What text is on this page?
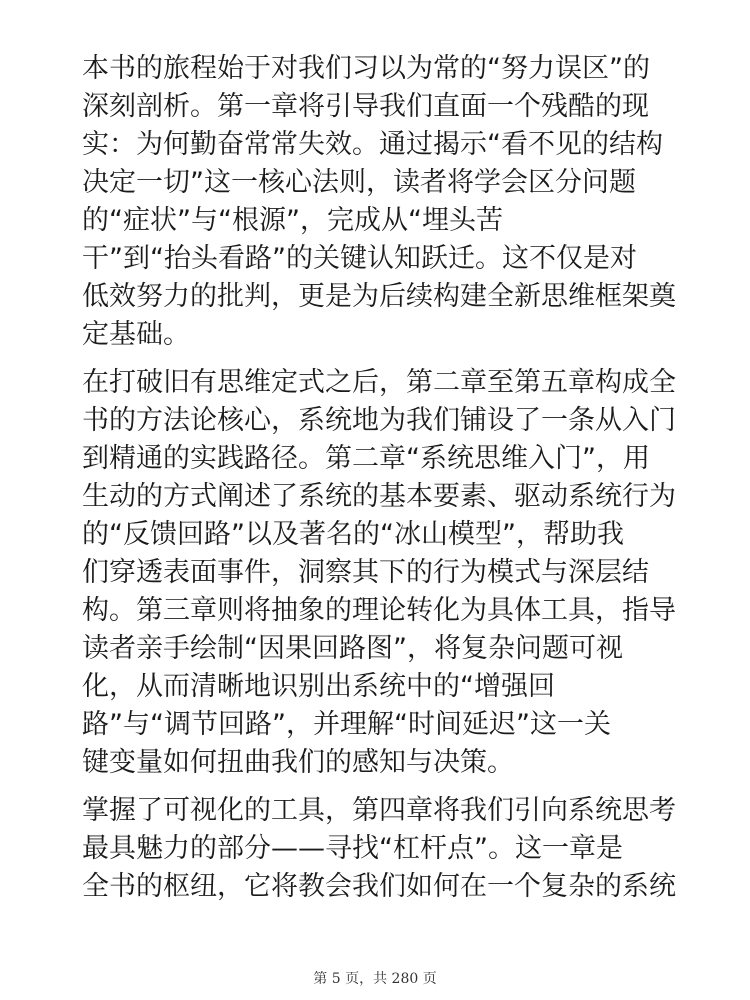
本书的旅程始于对我们习以为常的“努力误区”的
深刻剖析。第一章将引导我们直面一个残酷的现
实：为何勤奋常常失效。通过揭示“看不见的结构
决定一切”这一核心法则，读者将学会区分问题
的“症状”与“根源”，完成从“埋头苦
干”到“抬头看路”的关键认知跃迁。这不仅是对
低效努力的批判，更是为后续构建全新思维框架奠
定基础。
在打破旧有思维定式之后，第二章至第五章构成全
书的方法论核心，系统地为我们铺设了一条从入门
到精通的实践路径。第二章“系统思维入门”，用
生动的方式阐述了系统的基本要素、驱动系统行为
的“反馈回路”以及著名的“冰山模型”，帮助我
们穿透表面事件，洞察其下的行为模式与深层结
构。第三章则将抽象的理论转化为具体工具，指导
读者亲手绘制“因果回路图”，将复杂问题可视
化，从而清晰地识别出系统中的“增强回
路”与“调节回路”，并理解“时间延迟”这一关
键变量如何扭曲我们的感知与决策。
掌握了可视化的工具，第四章将我们引向系统思考
最具魅力的部分——寻找“杠杆点”。这一章是
全书的枢纽，它将教会我们如何在一个复杂的系统
第 5 页，共 280 页
